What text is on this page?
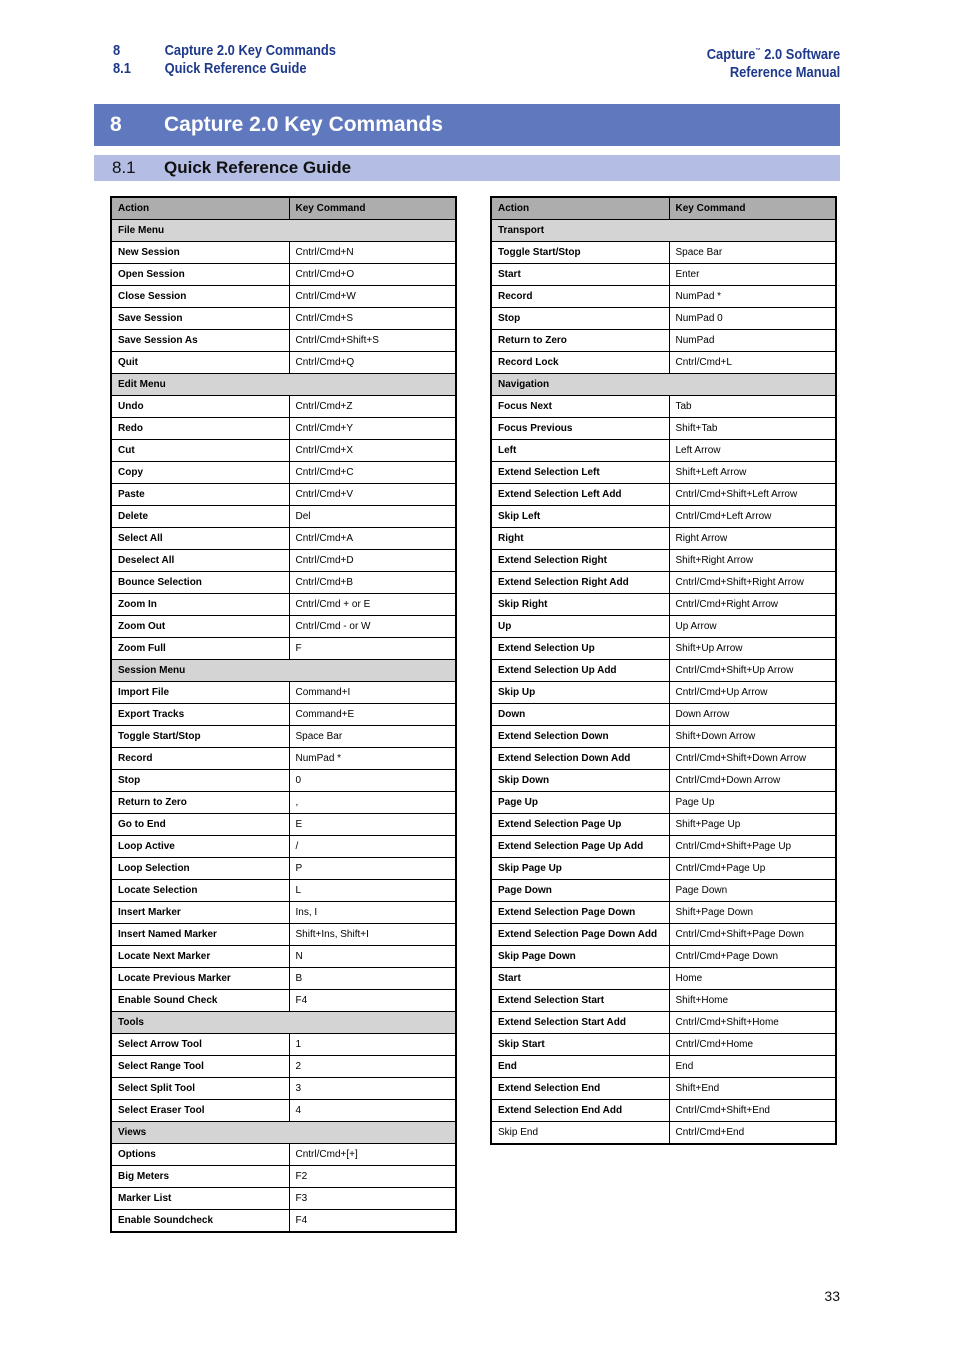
8	Capture 2.0 Key Commands
8.1	Quick Reference Guide
Capture™ 2.0 Software
Reference Manual
8	Capture 2.0 Key Commands
8.1	Quick Reference Guide
Action	Key Command
File Menu	
New Session	Cntrl/Cmd+N
Open Session	Cntrl/Cmd+O
Close Session	Cntrl/Cmd+W
Save Session	Cntrl/Cmd+S
Save Session As	Cntrl/Cmd+Shift+S
Quit	Cntrl/Cmd+Q
Edit Menu	
Undo	Cntrl/Cmd+Z
Redo	Cntrl/Cmd+Y
Cut	Cntrl/Cmd+X
Copy	Cntrl/Cmd+C
Paste	Cntrl/Cmd+V
Delete	Del
Select All	Cntrl/Cmd+A
Deselect All	Cntrl/Cmd+D
Bounce Selection	Cntrl/Cmd+B
Zoom In	Cntrl/Cmd + or E
Zoom Out	Cntrl/Cmd - or W
Zoom Full	F
Session Menu	
Import File	Command+I
Export Tracks	Command+E
Toggle Start/Stop	Space Bar
Record	NumPad *
Stop	0
Return to Zero	,
Go to End	E
Loop Active	/
Loop Selection	P
Locate Selection	L
Insert Marker	Ins, I
Insert Named Marker	Shift+Ins, Shift+I
Locate Next Marker	N
Locate Previous Marker	B
Enable Sound Check	F4
Tools	
Select Arrow Tool	1
Select Range Tool	2
Select Split Tool	3
Select Eraser Tool	4
Views	
Options	Cntrl/Cmd+[+]
Big Meters	F2
Marker List	F3
Enable Soundcheck	F4
Action	Key Command
Transport	
Toggle Start/Stop	Space Bar
Start	Enter
Record	NumPad *
Stop	NumPad 0
Return to Zero	NumPad
Record Lock	Cntrl/Cmd+L
Navigation	
Focus Next	Tab
Focus Previous	Shift+Tab
Left	Left Arrow
Extend Selection Left	Shift+Left Arrow
Extend Selection Left Add	Cntrl/Cmd+Shift+Left Arrow
Skip Left	Cntrl/Cmd+Left Arrow
Right	Right Arrow
Extend Selection Right	Shift+Right Arrow
Extend Selection Right Add	Cntrl/Cmd+Shift+Right Arrow
Skip Right	Cntrl/Cmd+Right Arrow
Up	Up Arrow
Extend Selection Up	Shift+Up Arrow
Extend Selection Up Add	Cntrl/Cmd+Shift+Up Arrow
Skip Up	Cntrl/Cmd+Up Arrow
Down	Down Arrow
Extend Selection Down	Shift+Down Arrow
Extend Selection Down Add	Cntrl/Cmd+Shift+Down Arrow
Skip Down	Cntrl/Cmd+Down Arrow
Page Up	Page Up
Extend Selection Page Up	Shift+Page Up
Extend Selection Page Up Add	Cntrl/Cmd+Shift+Page Up
Skip Page Up	Cntrl/Cmd+Page Up
Page Down	Page Down
Extend Selection Page Down	Shift+Page Down
Extend Selection Page Down Add	Cntrl/Cmd+Shift+Page Down
Skip Page Down	Cntrl/Cmd+Page Down
Start	Home
Extend Selection Start	Shift+Home
Extend Selection Start Add	Cntrl/Cmd+Shift+Home
Skip Start	Cntrl/Cmd+Home
End	End
Extend Selection End	Shift+End
Extend Selection End Add	Cntrl/Cmd+Shift+End
Skip End	Cntrl/Cmd+End
33
